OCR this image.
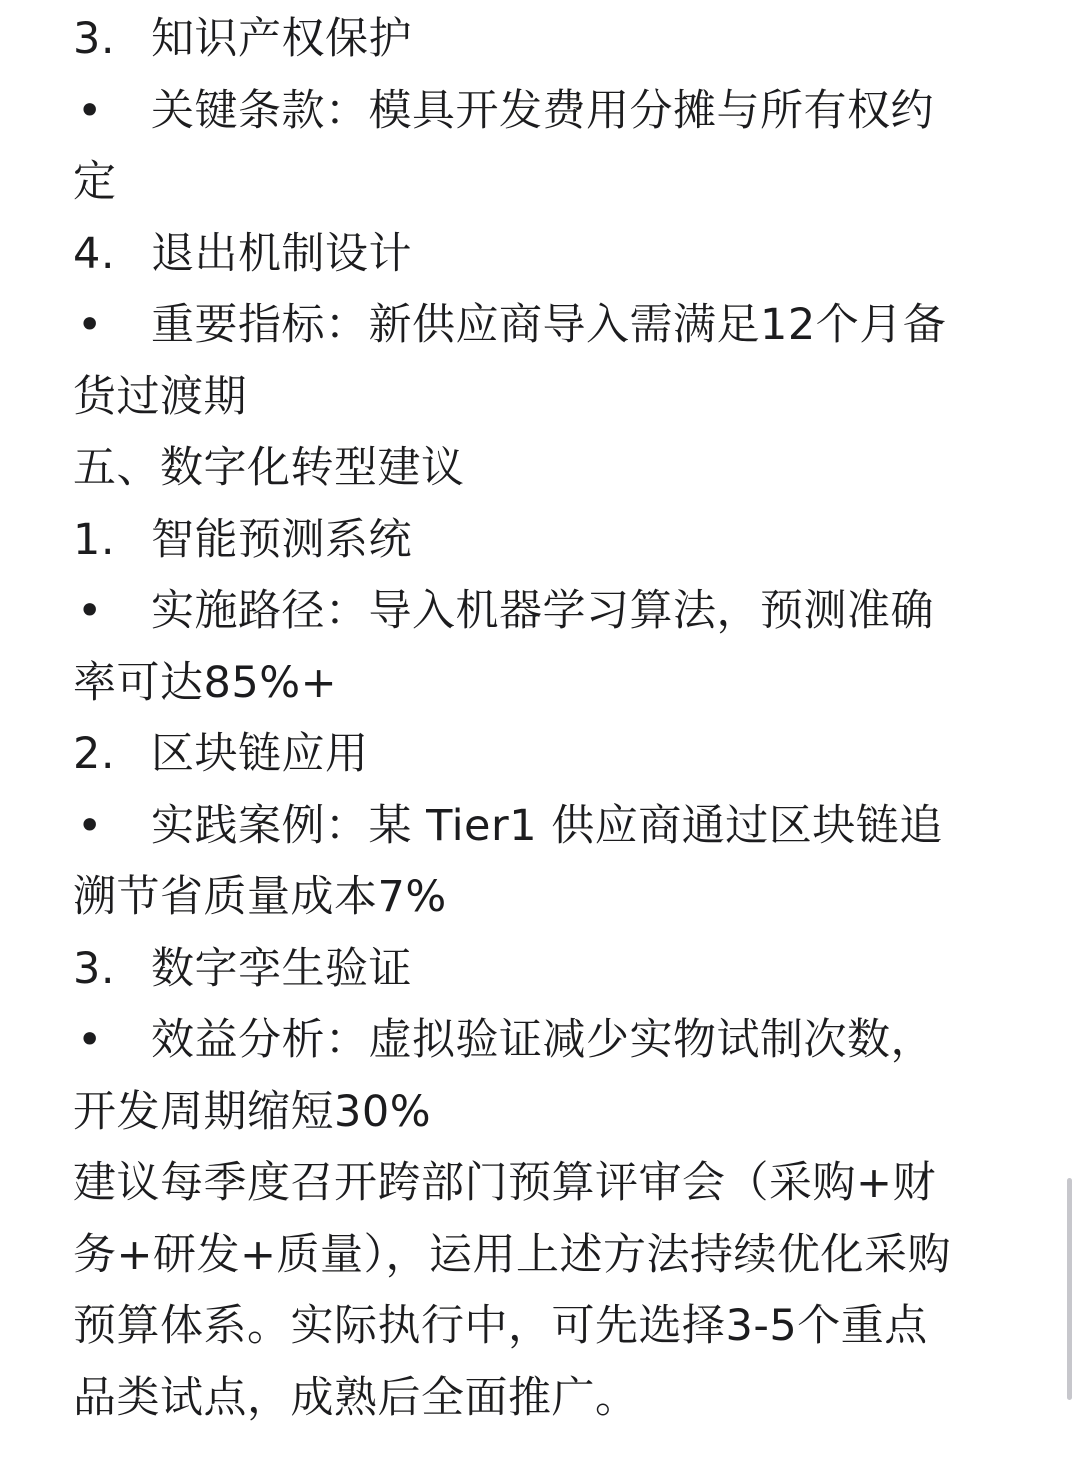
3. 知识产权保护
•	关键条款：模具开发费用分摊与所有权约
定
4. 退出机制设计
•	重要指标：新供应商导入需满足12个月备
货过渡期
五、数字化转型建议
1. 智能预测系统
•	实施路径：导入机器学习算法，预测准确
率可达85%+
2. 区块链应用
•	实践案例：某 Tier1 供应商通过区块链追
溯节省质量成本7%
3. 数字孪生验证
•	效益分析：虚拟验证减少实物试制次数，
开发周期缩短30%
建议每季度召开跨部门预算评审会（采购+财
务+研发+质量），运用上述方法持续优化采购
预算体系。实际执行中，可先选择3-5个重点
品类试点，成熟后全面推广。
